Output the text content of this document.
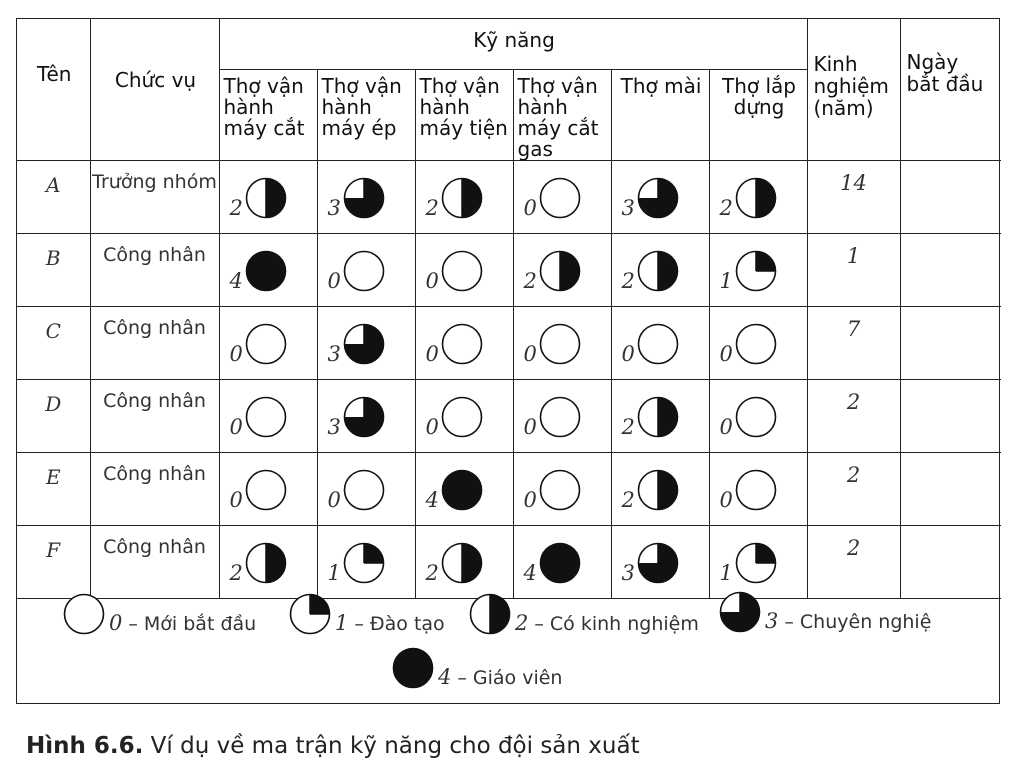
Tên	Chức vụ	Kỹ năng						Kinh nghiệm (năm)	Ngày bắt đầu
		Thợ vận hành máy cắt	Thợ vận hành máy ép	Thợ vận hành máy tiện	Thợ vận hành máy cắt gas	Thợ mài	Thợ lắp dựng		
A	Trưởng nhóm	2	3	2	0	3	2	14	
B	Công nhân	4	0	0	2	2	1	1	
C	Công nhân	0	3	0	0	0	0	7	
D	Công nhân	0	3	0	0	2	0	2	
E	Công nhân	0	0	4	0	2	0	2	
F	Công nhân	2	1	2	4	3	1	2	
0 – Mới bắt đầu	1 – Đào tạo	2 – Có kinh nghiệm	3 – Chuyên nghiệ
4 – Giáo viên
Hình 6.6. Ví dụ về ma trận kỹ năng cho đội sản xuất
